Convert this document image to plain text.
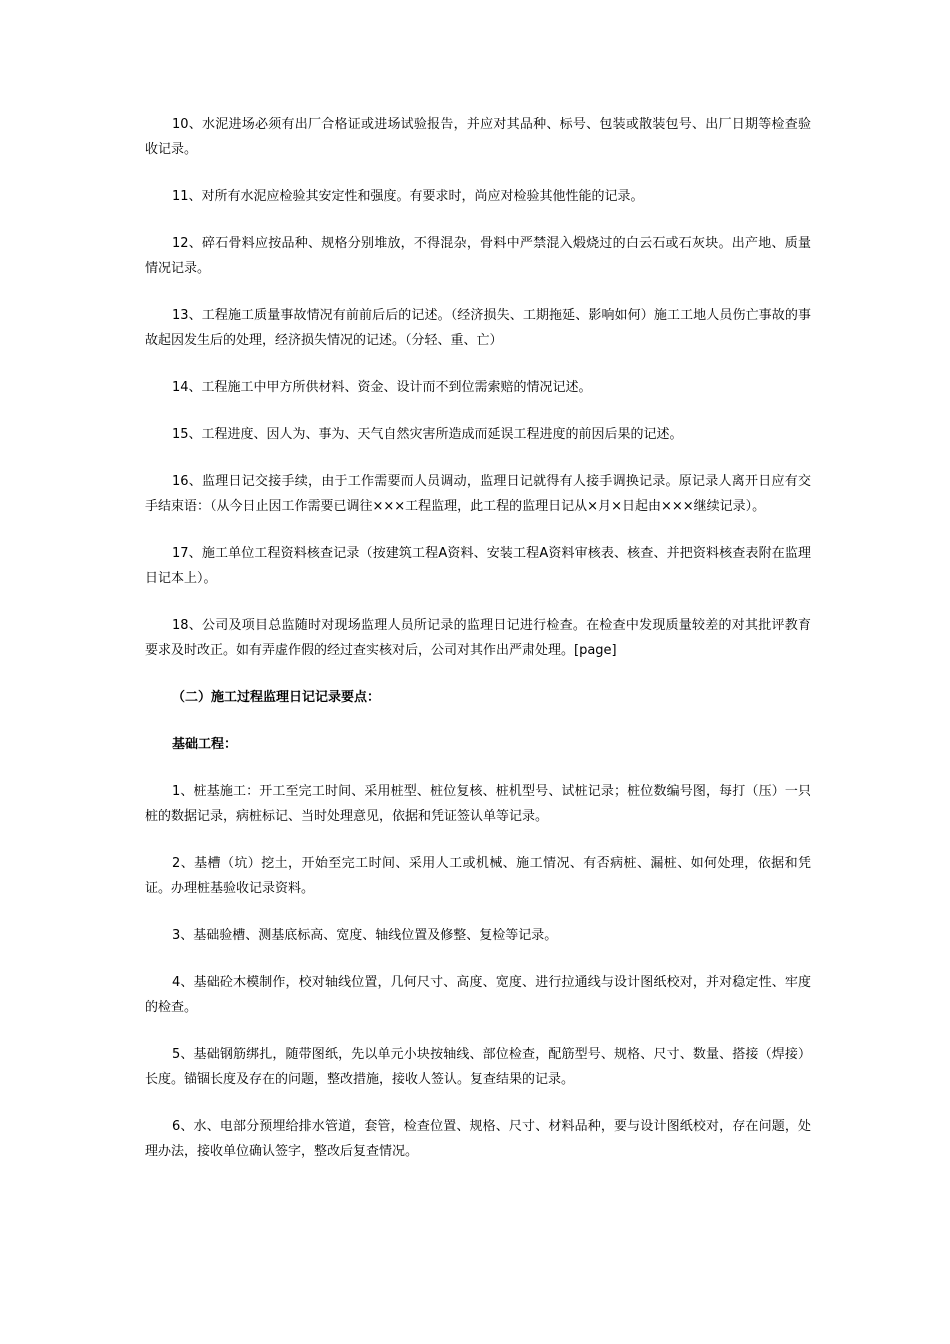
10、水泥进场必须有出厂合格证或进场试验报告，并应对其品种、标号、包装或散装包号、出厂日期等检查验收记录。

11、对所有水泥应检验其安定性和强度。有要求时，尚应对检验其他性能的记录。

12、碎石骨料应按品种、规格分别堆放，不得混杂，骨料中严禁混入煅烧过的白云石或石灰块。出产地、质量情况记录。

13、工程施工质量事故情况有前前后后的记述。（经济损失、工期拖延、影响如何）施工工地人员伤亡事故的事故起因发生后的处理，经济损失情况的记述。（分轻、重、亡）

14、工程施工中甲方所供材料、资金、设计而不到位需索赔的情况记述。

15、工程进度、因人为、事为、天气自然灾害所造成而延误工程进度的前因后果的记述。

16、监理日记交接手续，由于工作需要而人员调动，监理日记就得有人接手调换记录。原记录人离开日应有交手结束语：（从今日止因工作需要已调往×××工程监理，此工程的监理日记从×月×日起由×××继续记录）。

17、施工单位工程资料核查记录（按建筑工程A资料、安装工程A资料审核表、核查、并把资料核查表附在监理日记本上）。

18、公司及项目总监随时对现场监理人员所记录的监理日记进行检查。在检查中发现质量较差的对其批评教育要求及时改正。如有弄虚作假的经过查实核对后，公司对其作出严肃处理。[page]

（二）施工过程监理日记记录要点：

基础工程：

1、桩基施工：开工至完工时间、采用桩型、桩位复核、桩机型号、试桩记录；桩位数编号图，每打（压）一只桩的数据记录，病桩标记、当时处理意见，依据和凭证签认单等记录。

2、基槽（坑）挖土，开始至完工时间、采用人工或机械、施工情况、有否病桩、漏桩、如何处理，依据和凭证。办理桩基验收记录资料。

3、基础验槽、测基底标高、宽度、轴线位置及修整、复检等记录。

4、基础砼木模制作，校对轴线位置，几何尺寸、高度、宽度、进行拉通线与设计图纸校对，并对稳定性、牢度的检查。

5、基础钢筋绑扎，随带图纸，先以单元小块按轴线、部位检查，配筋型号、规格、尺寸、数量、搭接（焊接）长度。锚锢长度及存在的问题，整改措施，接收人签认。复查结果的记录。

6、水、电部分预埋给排水管道，套管，检查位置、规格、尺寸、材料品种，要与设计图纸校对，存在问题，处理办法，接收单位确认签字，整改后复查情况。
